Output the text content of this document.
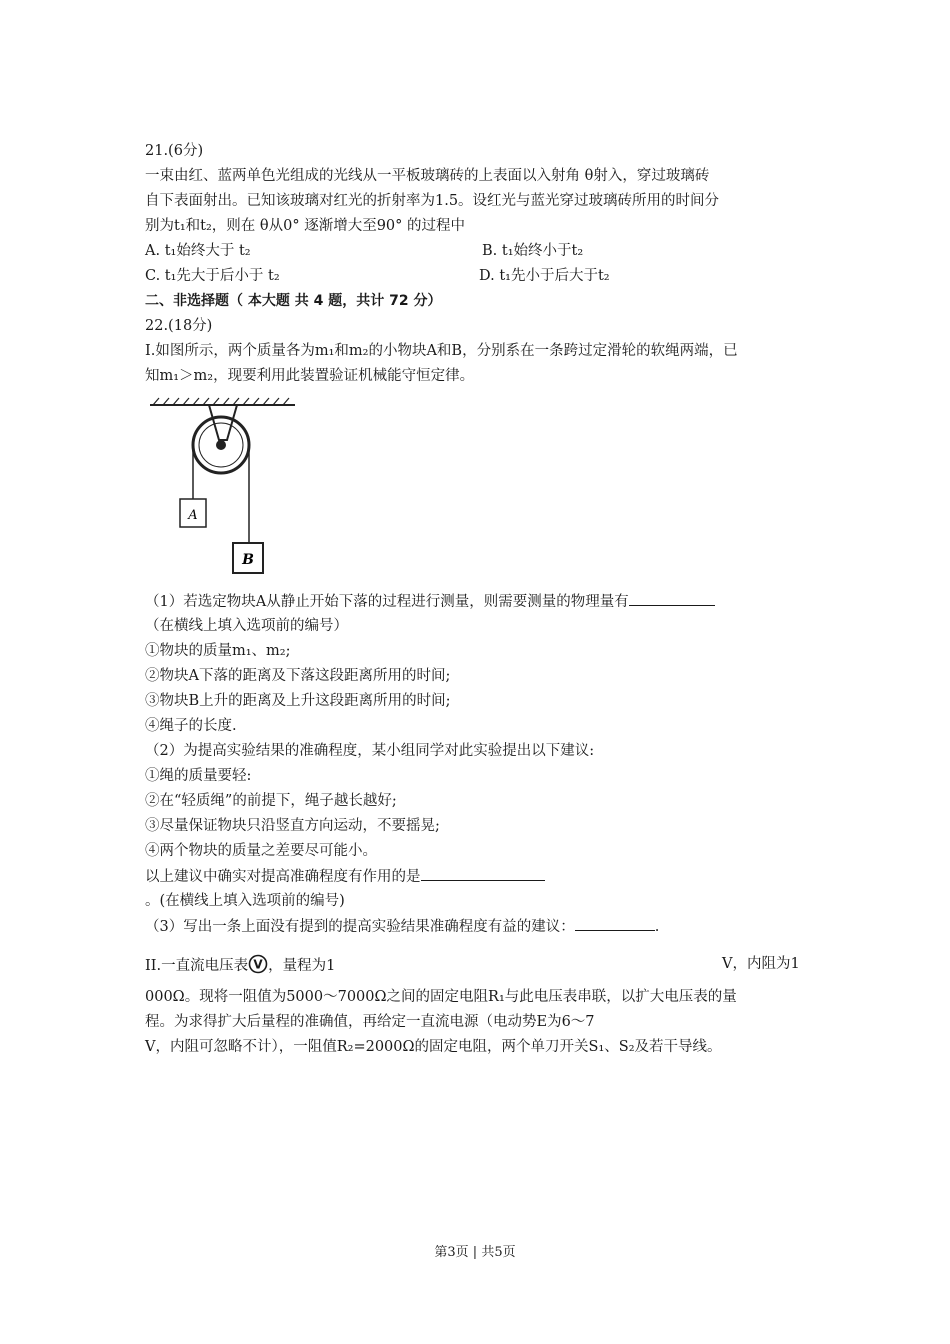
21.(6分)
一束由红、蓝两单色光组成的光线从一平板玻璃砖的上表面以入射角 θ射入，穿过玻璃砖
自下表面射出。已知该玻璃对红光的折射率为1.5。设红光与蓝光穿过玻璃砖所用的时间分
别为t₁和t₂，则在 θ从0° 逐渐增大至90° 的过程中
A. t₁始终大于 t₂	B. t₁始终小于t₂
C. t₁先大于后小于 t₂	D. t₁先小于后大于t₂
二、非选择题（ 本大题 共 4 题，共计 72 分）
22.(18分)
I.如图所示，两个质量各为m₁和m₂的小物块A和B，分别系在一条跨过定滑轮的软绳两端，已
知m₁＞m₂，现要利用此装置验证机械能守恒定律。
A
B
（1）若选定物块A从静止开始下落的过程进行测量，则需要测量的物理量有
（在横线上填入选项前的编号）
①物块的质量m₁、m₂;
②物块A下落的距离及下落这段距离所用的时间;
③物块B上升的距离及上升这段距离所用的时间;
④绳子的长度.
（2）为提高实验结果的准确程度，某小组同学对此实验提出以下建议:
①绳的质量要轻:
②在“轻质绳”的前提下，绳子越长越好;
③尽量保证物块只沿竖直方向运动，不要摇晃;
④两个物块的质量之差要尽可能小。
以上建议中确实对提高准确程度有作用的是
。(在横线上填入选项前的编号)
（3）写出一条上面没有提到的提高实验结果准确程度有益的建议：	.
II.一直流电压表 V ，量程为1	V，内阻为1
000Ω。现将一阻值为5000～7000Ω之间的固定电阻R₁与此电压表串联，以扩大电压表的量
程。为求得扩大后量程的准确值，再给定一直流电源（电动势E为6～7
V，内阻可忽略不计），一阻值R₂=2000Ω的固定电阻，两个单刀开关S₁、S₂及若干导线。
第3页 | 共5页
